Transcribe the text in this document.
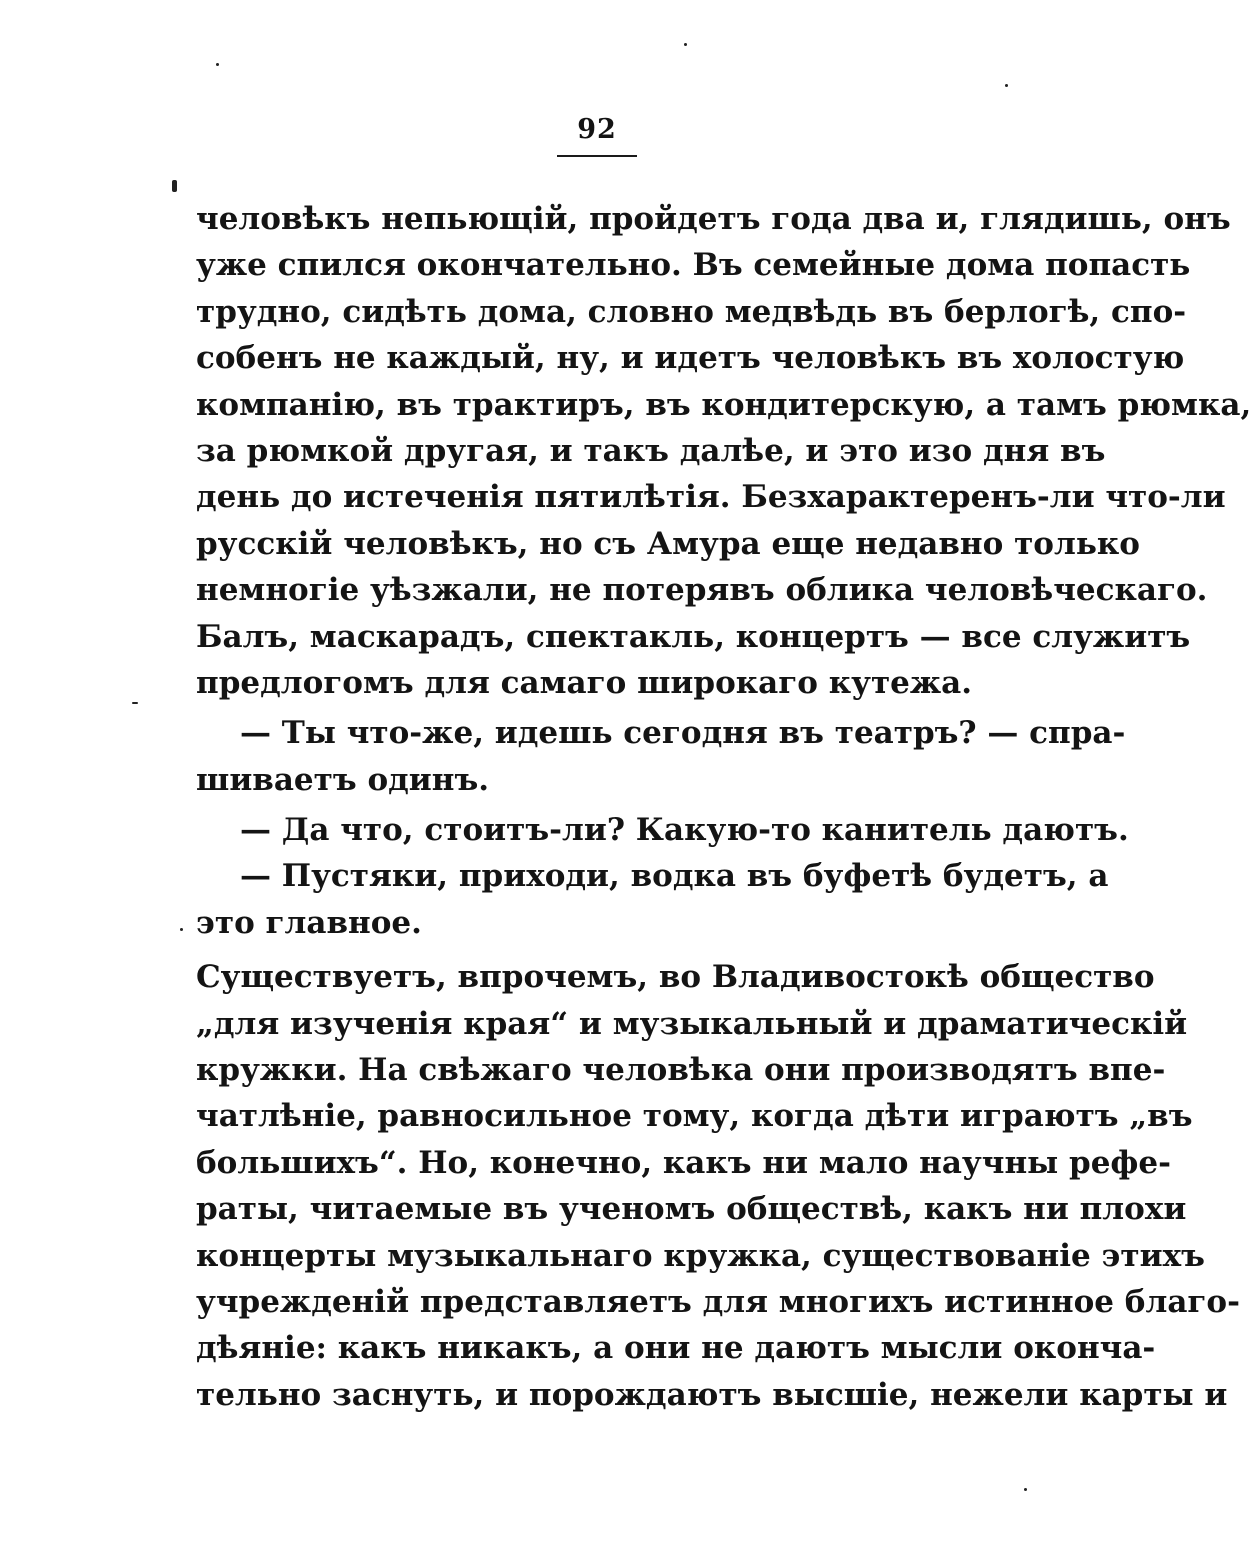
92
человѣкъ непьющій, пройдетъ года два и, глядишь, онъ
уже спился окончательно. Въ семейные дома попасть
трудно, сидѣть дома, словно медвѣдь въ берлогѣ, спо-
собенъ не каждый, ну, и идетъ человѣкъ въ холостую
компанію, въ трактиръ, въ кондитерскую, а тамъ рюмка,
за рюмкой другая, и такъ далѣе, и это изо дня въ
день до истеченія пятилѣтія. Безхарактеренъ-ли что-ли
русскій человѣкъ, но съ Амура еще недавно только
немногіе уѣзжали, не потерявъ облика человѣческаго.
Балъ, маскарадъ, спектакль, концертъ — все служитъ
предлогомъ для самаго широкаго кутежа.
— Ты что-же, идешь сегодня въ театръ? — спра-
шиваетъ одинъ.
— Да что, стоитъ-ли? Какую-то канитель даютъ.
— Пустяки, приходи, водка въ буфетѣ будетъ, а
это главное.
Существуетъ, впрочемъ, во Владивостокѣ общество
„для изученія края“ и музыкальный и драматическій
кружки. На свѣжаго человѣка они производятъ впе-
чатлѣніе, равносильное тому, когда дѣти играютъ „въ
большихъ“. Но, конечно, какъ ни мало научны рефе-
раты, читаемые въ ученомъ обществѣ, какъ ни плохи
концерты музыкальнаго кружка, существованіе этихъ
учрежденій представляетъ для многихъ истинное благо-
дѣяніе: какъ никакъ, а они не даютъ мысли оконча-
тельно заснуть, и порождаютъ высшіе, нежели карты и
